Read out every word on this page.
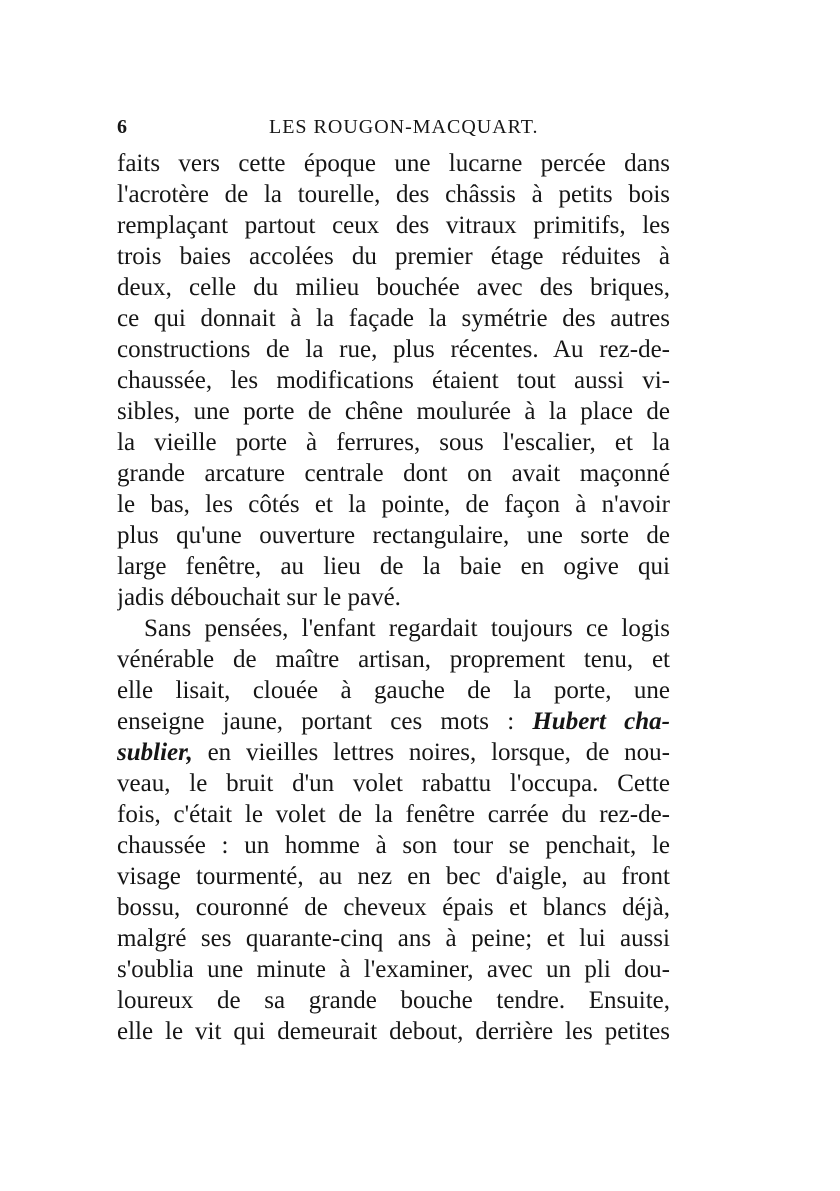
6	LES ROUGON-MACQUART.
faits vers cette époque une lucarne percée dans
l'acrotère de la tourelle, des châssis à petits bois
remplaçant partout ceux des vitraux primitifs, les
trois baies accolées du premier étage réduites à
deux, celle du milieu bouchée avec des briques,
ce qui donnait à la façade la symétrie des autres
constructions de la rue, plus récentes. Au rez-de-
chaussée, les modifications étaient tout aussi vi-
sibles, une porte de chêne moulurée à la place de
la vieille porte à ferrures, sous l'escalier, et la
grande arcature centrale dont on avait maçonné
le bas, les côtés et la pointe, de façon à n'avoir
plus qu'une ouverture rectangulaire, une sorte de
large fenêtre, au lieu de la baie en ogive qui
jadis débouchait sur le pavé.
Sans pensées, l'enfant regardait toujours ce logis
vénérable de maître artisan, proprement tenu, et
elle lisait, clouée à gauche de la porte, une
enseigne jaune, portant ces mots : Hubert cha-
sublier, en vieilles lettres noires, lorsque, de nou-
veau, le bruit d'un volet rabattu l'occupa. Cette
fois, c'était le volet de la fenêtre carrée du rez-de-
chaussée : un homme à son tour se penchait, le
visage tourmenté, au nez en bec d'aigle, au front
bossu, couronné de cheveux épais et blancs déjà,
malgré ses quarante-cinq ans à peine; et lui aussi
s'oublia une minute à l'examiner, avec un pli dou-
loureux de sa grande bouche tendre. Ensuite,
elle le vit qui demeurait debout, derrière les petites
